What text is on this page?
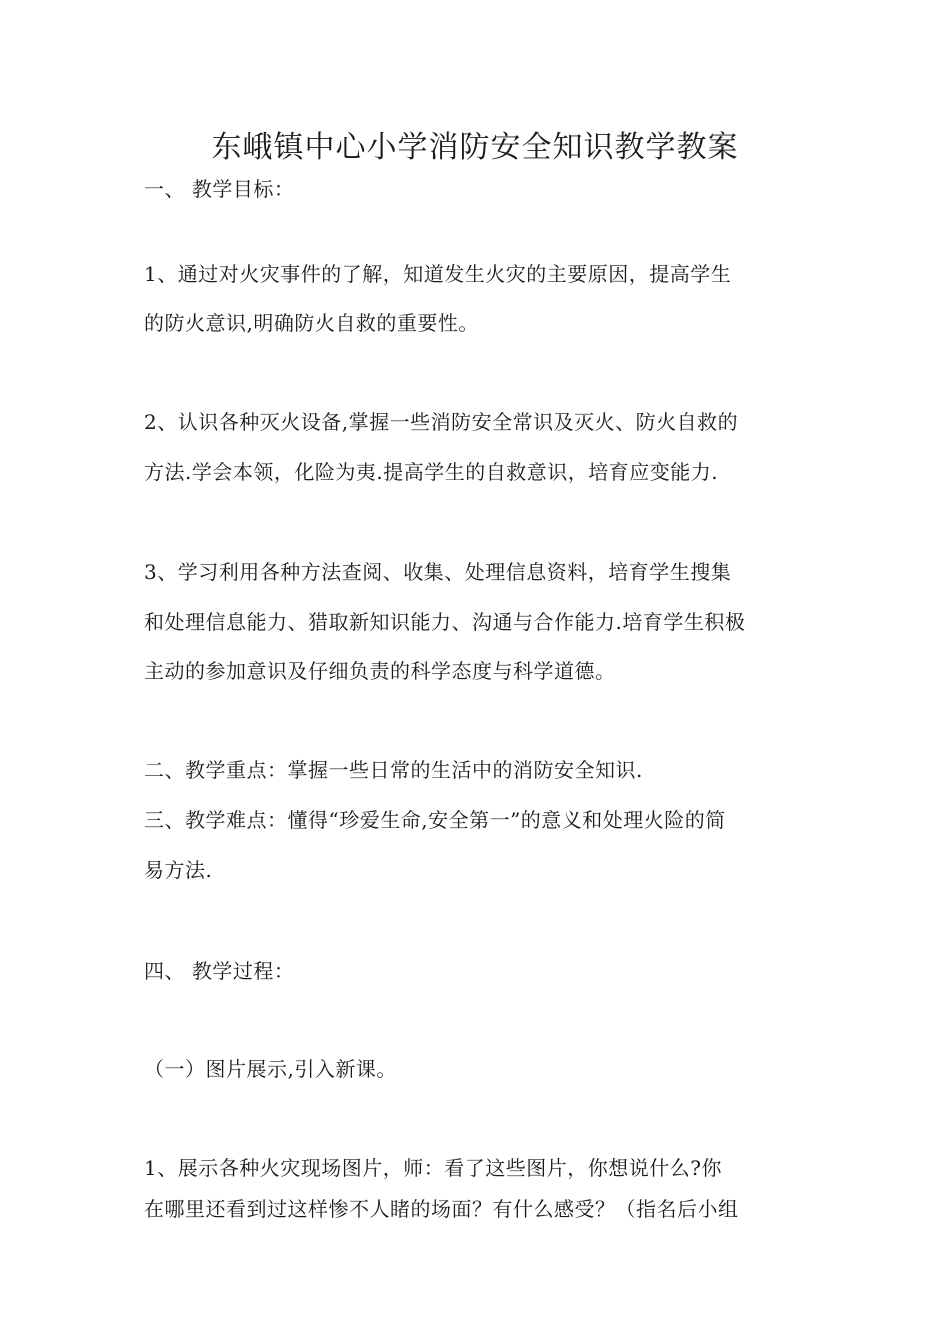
东峨镇中心小学消防安全知识教学教案
一、 教学目标：
1、通过对火灾事件的了解，知道发生火灾的主要原因，提高学生
的防火意识,明确防火自救的重要性。
2、认识各种灭火设备,掌握一些消防安全常识及灭火、防火自救的
方法.学会本领，化险为夷.提高学生的自救意识，培育应变能力.
3、学习利用各种方法查阅、收集、处理信息资料，培育学生搜集
和处理信息能力、猎取新知识能力、沟通与合作能力.培育学生积极
主动的参加意识及仔细负责的科学态度与科学道德。
二、教学重点：掌握一些日常的生活中的消防安全知识.
三、教学难点：懂得“珍爱生命,安全第一”的意义和处理火险的简
易方法.
四、 教学过程：
（一）图片展示,引入新课。
1、展示各种火灾现场图片，师：看了这些图片，你想说什么?你
在哪里还看到过这样惨不人睹的场面？有什么感受？（指名后小组
